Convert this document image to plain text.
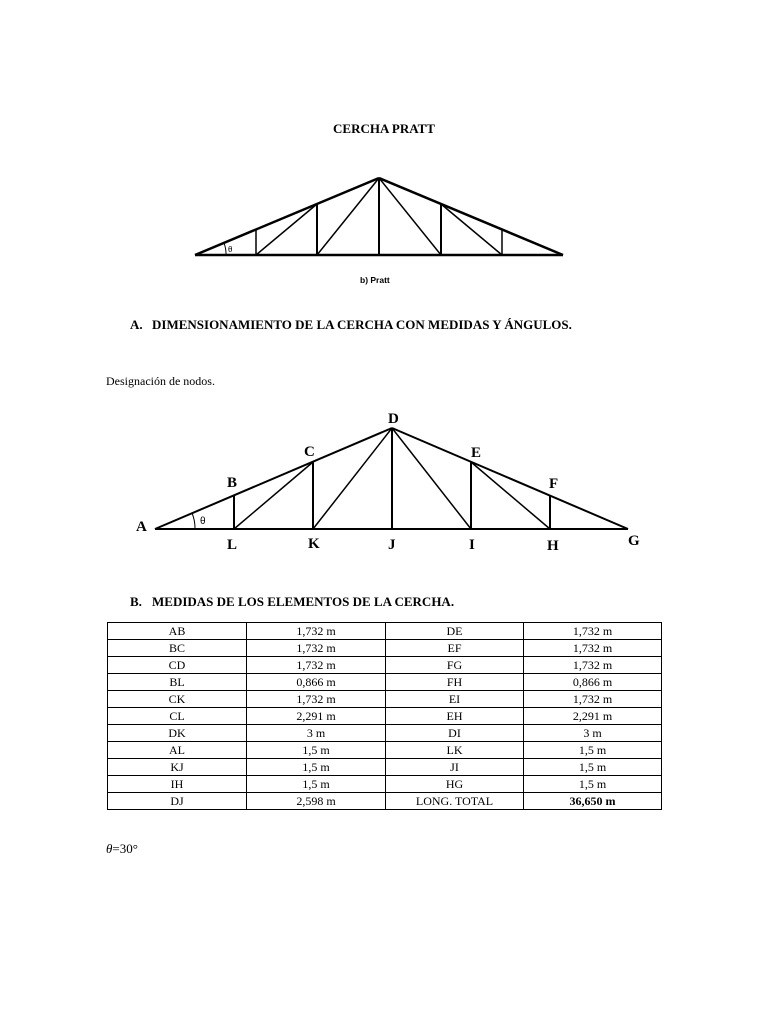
CERCHA PRATT
θ
b) Pratt
A. DIMENSIONAMIENTO DE LA CERCHA CON MEDIDAS Y ÁNGULOS.
Designación de nodos.
A
B
C
D
E
F
G
H
I
J
K
L
θ
B. MEDIDAS DE LOS ELEMENTOS DE LA CERCHA.
AB	1,732 m	DE	1,732 m
BC	1,732 m	EF	1,732 m
CD	1,732 m	FG	1,732 m
BL	0,866 m	FH	0,866 m
CK	1,732 m	EI	1,732 m
CL	2,291 m	EH	2,291 m
DK	3 m	DI	3 m
AL	1,5 m	LK	1,5 m
KJ	1,5 m	JI	1,5 m
IH	1,5 m	HG	1,5 m
DJ	2,598 m	LONG. TOTAL	36,650 m
θ=30°
